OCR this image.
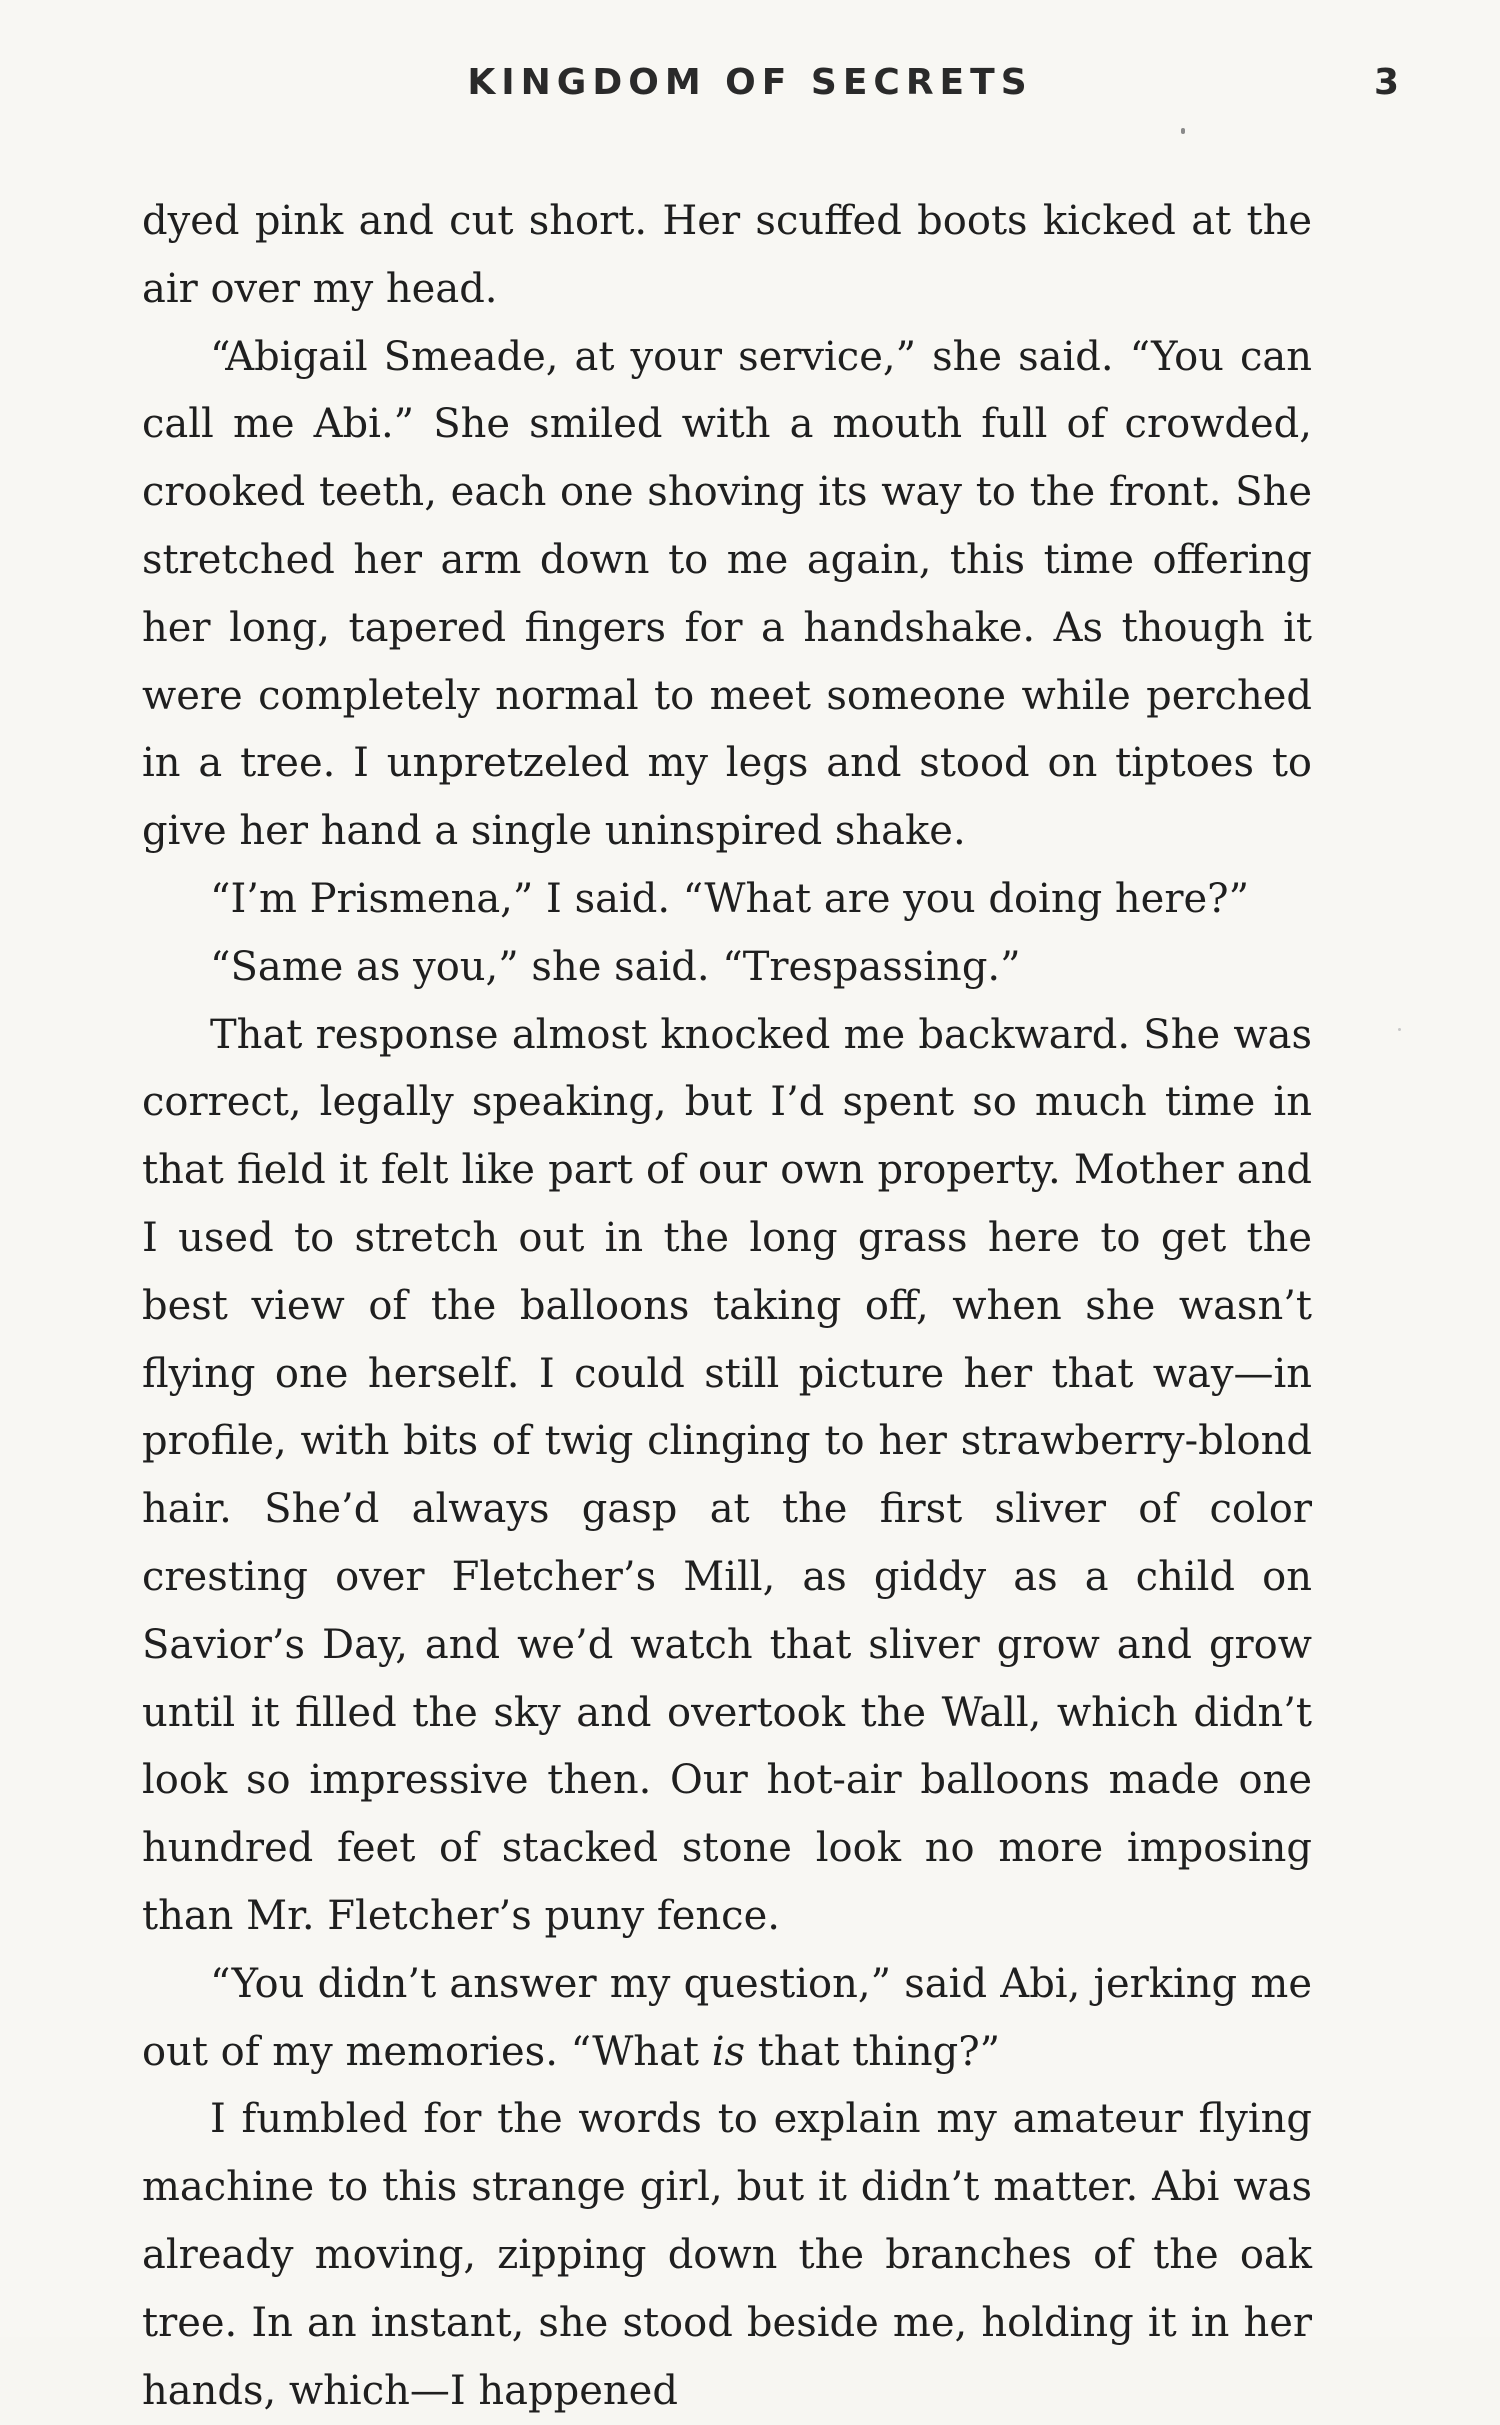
KINGDOM OF SECRETS	3

dyed pink and cut short. Her scuffed boots kicked at the air over my head.

“Abigail Smeade, at your service,” she said. “You can call me Abi.” She smiled with a mouth full of crowded, crooked teeth, each one shoving its way to the front. She stretched her arm down to me again, this time offering her long, tapered fingers for a handshake. As though it were completely normal to meet someone while perched in a tree. I unpretzeled my legs and stood on tiptoes to give her hand a single uninspired shake.

“I’m Prismena,” I said. “What are you doing here?”

“Same as you,” she said. “Trespassing.”

That response almost knocked me backward. She was correct, legally speaking, but I’d spent so much time in that field it felt like part of our own property. Mother and I used to stretch out in the long grass here to get the best view of the balloons taking off, when she wasn’t flying one herself. I could still picture her that way—in profile, with bits of twig clinging to her strawberry-blond hair. She’d always gasp at the first sliver of color cresting over Fletcher’s Mill, as giddy as a child on Savior’s Day, and we’d watch that sliver grow and grow until it filled the sky and overtook the Wall, which didn’t look so impressive then. Our hot-air balloons made one hundred feet of stacked stone look no more imposing than Mr. Fletcher’s puny fence.

“You didn’t answer my question,” said Abi, jerking me out of my memories. “What is that thing?”

I fumbled for the words to explain my amateur flying machine to this strange girl, but it didn’t matter. Abi was already moving, zipping down the branches of the oak tree. In an instant, she stood beside me, holding it in her hands, which—I happened
